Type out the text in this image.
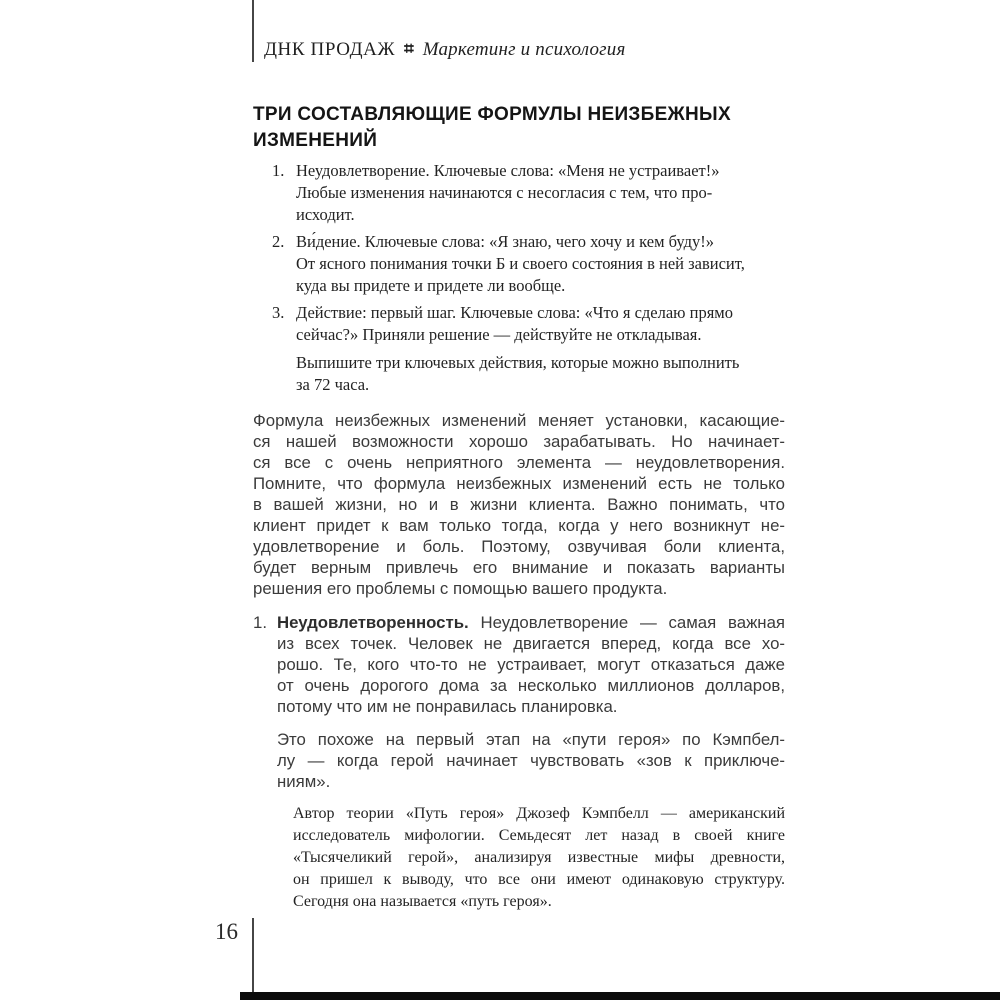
ДНК ПРОДАЖ ⌗ Маркетинг и психология
ТРИ СОСТАВЛЯЮЩИЕ ФОРМУЛЫ НЕИЗБЕЖНЫХ
ИЗМЕНЕНИЙ
1. Неудовлетворение. Ключевые слова: «Меня не устраивает!»
Любые изменения начинаются с несогласия с тем, что про-
исходит.
2. Ви́дение. Ключевые слова: «Я знаю, чего хочу и кем буду!»
От ясного понимания точки Б и своего состояния в ней зависит,
куда вы придете и придете ли вообще.
3. Действие: первый шаг. Ключевые слова: «Что я сделаю прямо
сейчас?» Приняли решение — действуйте не откладывая.
Выпишите три ключевых действия, которые можно выполнить
за 72 часа.
Формула неизбежных изменений меняет установки, касающие-
ся нашей возможности хорошо зарабатывать. Но начинает-
ся все с очень неприятного элемента — неудовлетворения.
Помните, что формула неизбежных изменений есть не только
в вашей жизни, но и в жизни клиента. Важно понимать, что
клиент придет к вам только тогда, когда у него возникнут не-
удовлетворение и боль. Поэтому, озвучивая боли клиента,
будет верным привлечь его внимание и показать варианты
решения его проблемы с помощью вашего продукта.
1. Неудовлетворенность. Неудовлетворение — самая важная
из всех точек. Человек не двигается вперед, когда все хо-
рошо. Те, кого что-то не устраивает, могут отказаться даже
от очень дорогого дома за несколько миллионов долларов,
потому что им не понравилась планировка.
Это похоже на первый этап на «пути героя» по Кэмпбел-
лу — когда герой начинает чувствовать «зов к приключе-
ниям».
Автор теории «Путь героя» Джозеф Кэмпбелл — американский
исследователь мифологии. Семьдесят лет назад в своей книге
«Тысячеликий герой», анализируя известные мифы древности,
он пришел к выводу, что все они имеют одинаковую структуру.
Сегодня она называется «путь героя».
16
